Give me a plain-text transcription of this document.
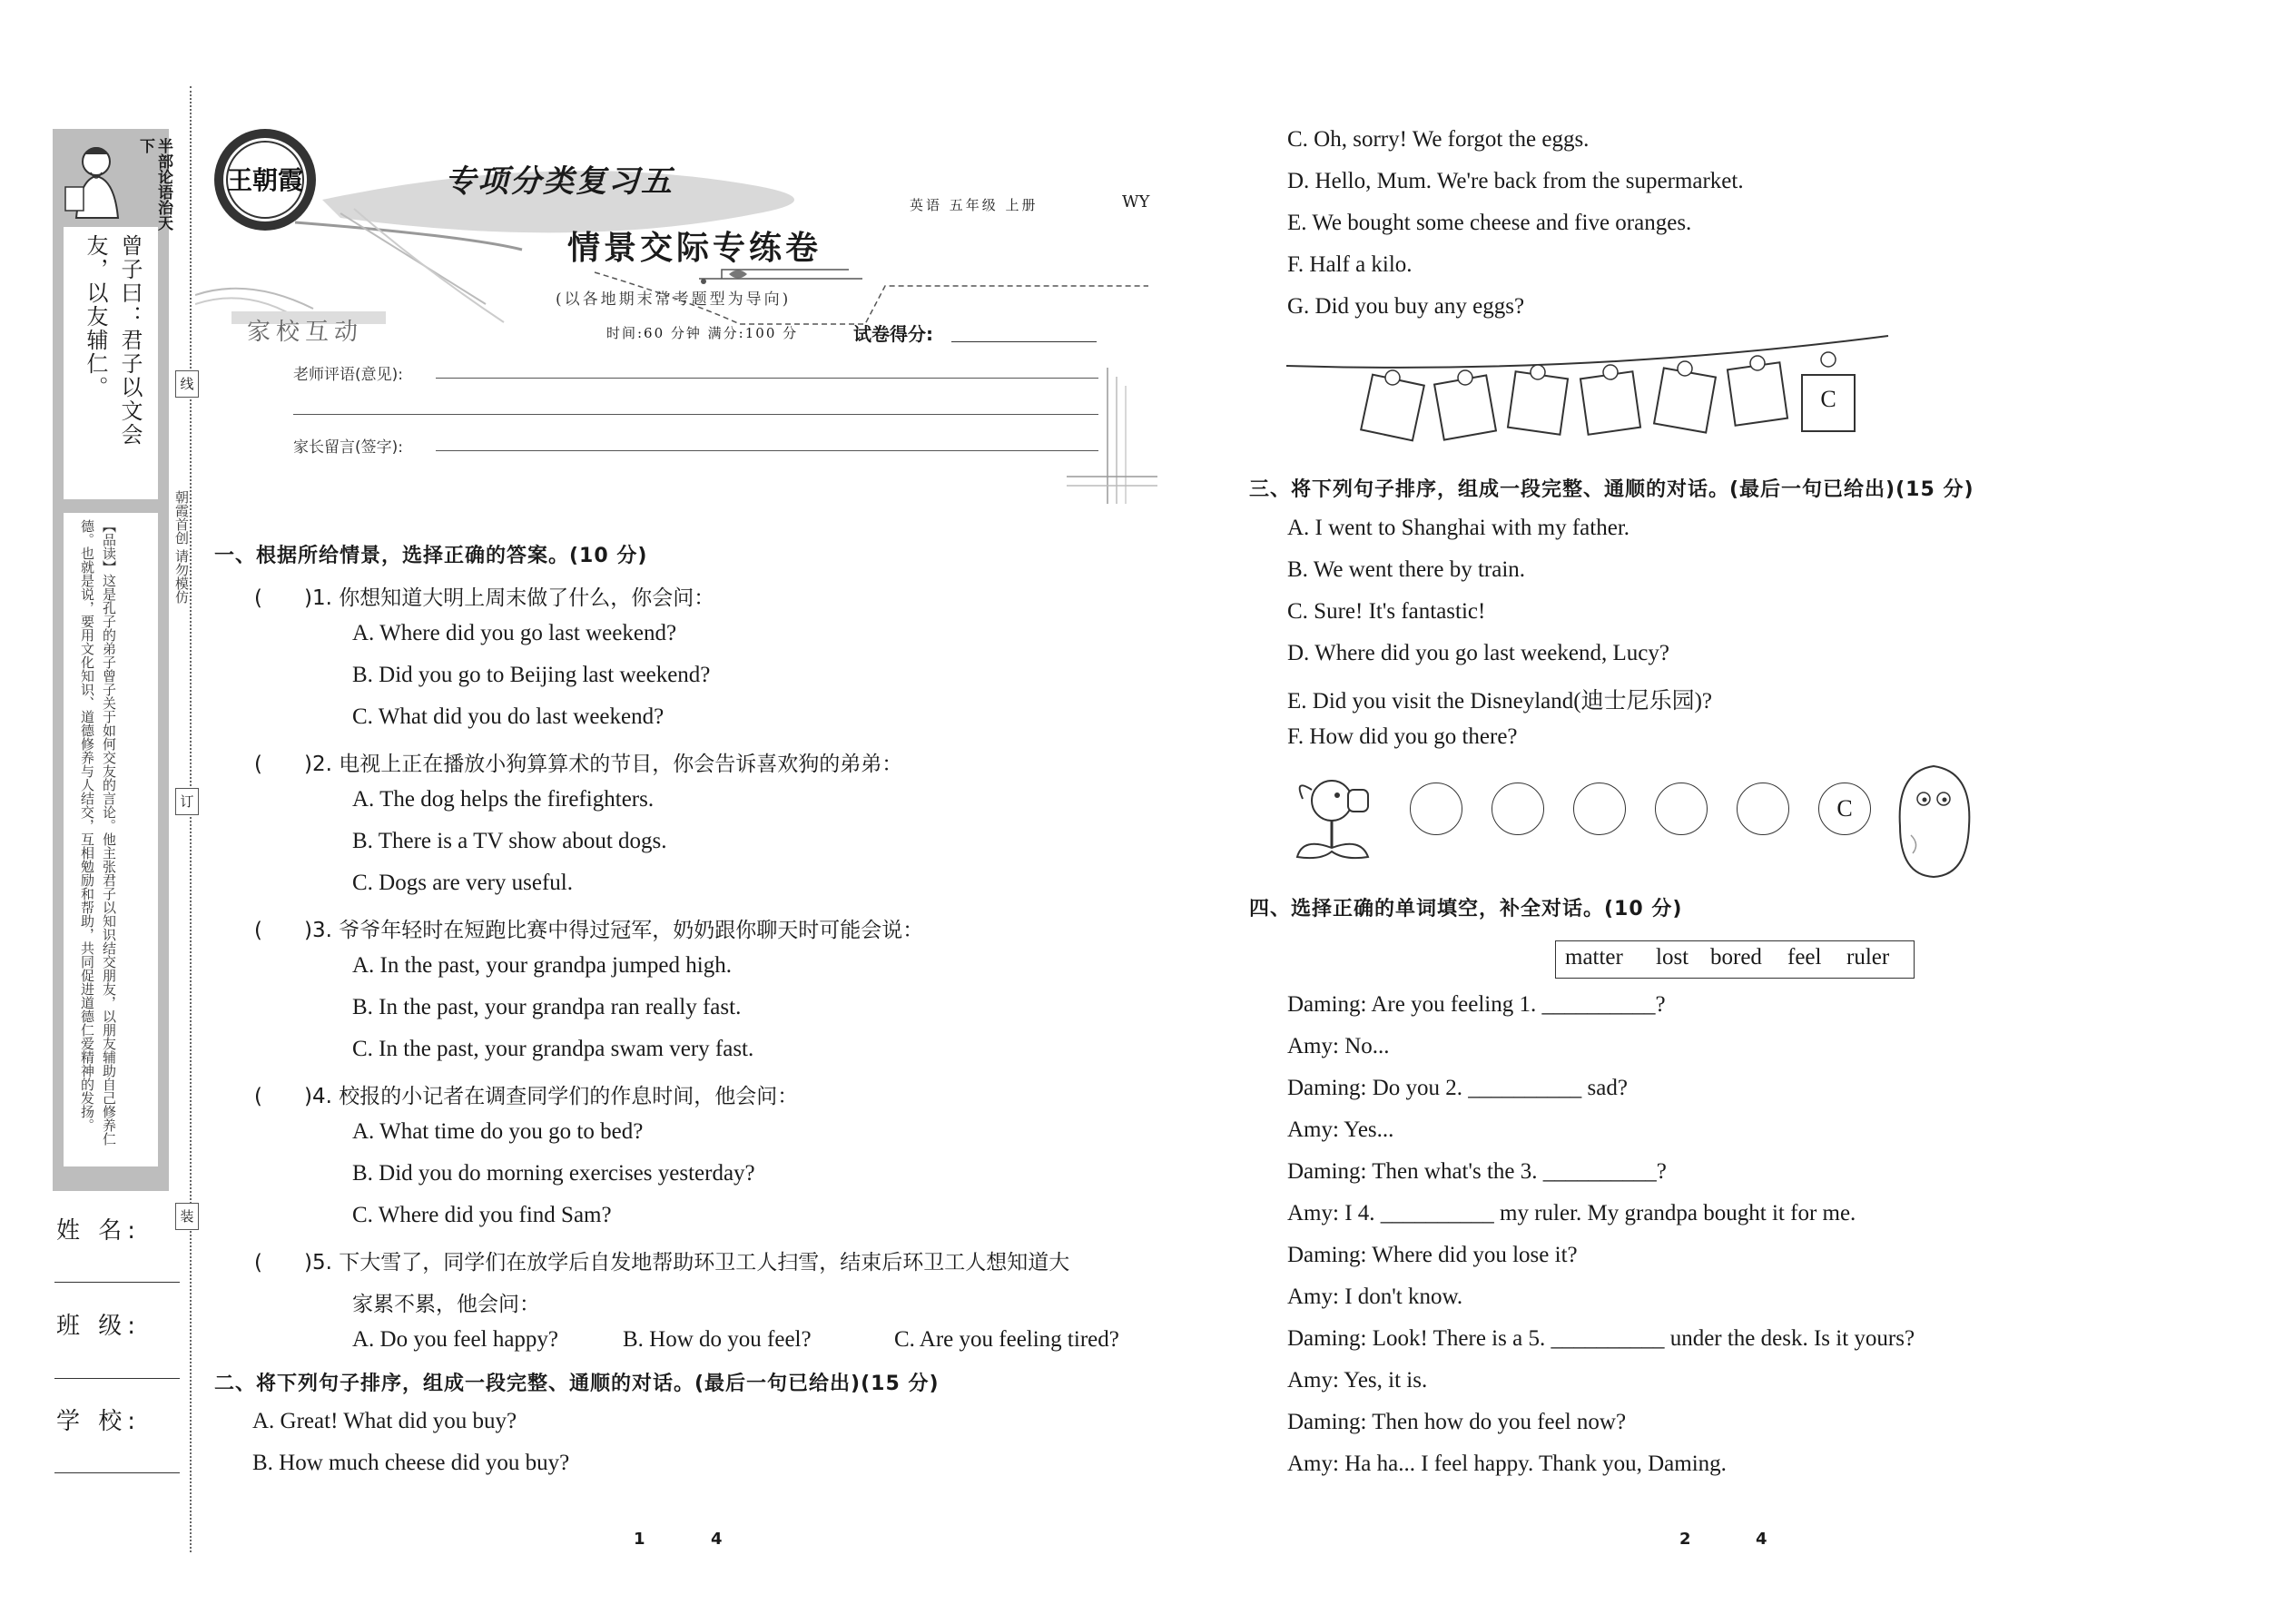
半部论语治天下
曾子曰：君子以文会友，以友辅仁。
【品读】这是孔子的弟子曾子关于如何交友的言论。他主张君子以知识结交朋友，以朋友辅助自己修养仁德。也就是说，要用文化知识、道德修养与人结交，互相勉励和帮助，共同促进道德仁爱精神的发扬。
姓 名:
班 级:
学 校:
线
订
装
朝霞首创 请勿模仿
王朝霞	专项分类复习五
情景交际专练卷
(以各地期末常考题型为导向)
英语 五年级 上册	WY
家校互动	时间:60 分钟 满分:100 分	试卷得分:
老师评语(意见):
家长留言(签字):
一、根据所给情景，选择正确的答案。(10 分)
(　　)1. 你想知道大明上周末做了什么，你会问：
A. Where did you go last weekend?
B. Did you go to Beijing last weekend?
C. What did you do last weekend?
(　　)2. 电视上正在播放小狗算算术的节目，你会告诉喜欢狗的弟弟：
A. The dog helps the firefighters.
B. There is a TV show about dogs.
C. Dogs are very useful.
(　　)3. 爷爷年轻时在短跑比赛中得过冠军，奶奶跟你聊天时可能会说：
A. In the past, your grandpa jumped high.
B. In the past, your grandpa ran really fast.
C. In the past, your grandpa swam very fast.
(　　)4. 校报的小记者在调查同学们的作息时间，他会问：
A. What time do you go to bed?
B. Did you do morning exercises yesterday?
C. Where did you find Sam?
(　　)5. 下大雪了，同学们在放学后自发地帮助环卫工人扫雪，结束后环卫工人想知道大
家累不累，他会问：
A. Do you feel happy?	B. How do you feel?	C. Are you feeling tired?
二、将下列句子排序，组成一段完整、通顺的对话。(最后一句已给出)(15 分)
A. Great! What did you buy?
B. How much cheese did you buy?
1	4
C. Oh, sorry! We forgot the eggs.
D. Hello, Mum. We're back from the supermarket.
E. We bought some cheese and five oranges.
F. Half a kilo.
G. Did you buy any eggs?
C
三、将下列句子排序，组成一段完整、通顺的对话。(最后一句已给出)(15 分)
A. I went to Shanghai with my father.
B. We went there by train.
C. Sure! It's fantastic!
D. Where did you go last weekend, Lucy?
E. Did you visit the Disneyland(迪士尼乐园)?
F. How did you go there?
C
四、选择正确的单词填空，补全对话。(10 分)
matter lost bored feel ruler
Daming: Are you feeling 1. __________?
Amy: No...
Daming: Do you 2. __________ sad?
Amy: Yes...
Daming: Then what's the 3. __________?
Amy: I 4. __________ my ruler. My grandpa bought it for me.
Daming: Where did you lose it?
Amy: I don't know.
Daming: Look! There is a 5. __________ under the desk. Is it yours?
Amy: Yes, it is.
Daming: Then how do you feel now?
Amy: Ha ha... I feel happy. Thank you, Daming.
2	4
